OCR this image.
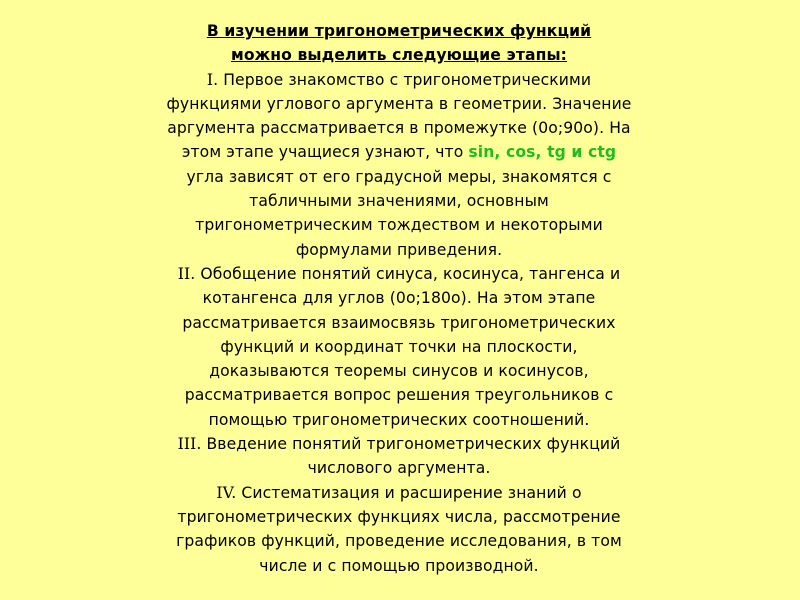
В изучении тригонометрических функций
можно выделить следующие этапы:
I. Первое знакомство с тригонометрическими
функциями углового аргумента в геометрии. Значение
аргумента рассматривается в промежутке (0o;90o). На
этом этапе учащиеся узнают, что sin, cos, tg и ctg
угла зависят от его градусной меры, знакомятся с
табличными значениями, основным
тригонометрическим тождеством и некоторыми
формулами приведения.
II. Обобщение понятий синуса, косинуса, тангенса и
котангенса для углов (0o;180o). На этом этапе
рассматривается взаимосвязь тригонометрических
функций и координат точки на плоскости,
доказываются теоремы синусов и косинусов,
рассматривается вопрос решения треугольников с
помощью тригонометрических соотношений.
III. Введение понятий тригонометрических функций
числового аргумента.
IV. Систематизация и расширение знаний о
тригонометрических функциях числа, рассмотрение
графиков функций, проведение исследования, в том
числе и с помощью производной.
